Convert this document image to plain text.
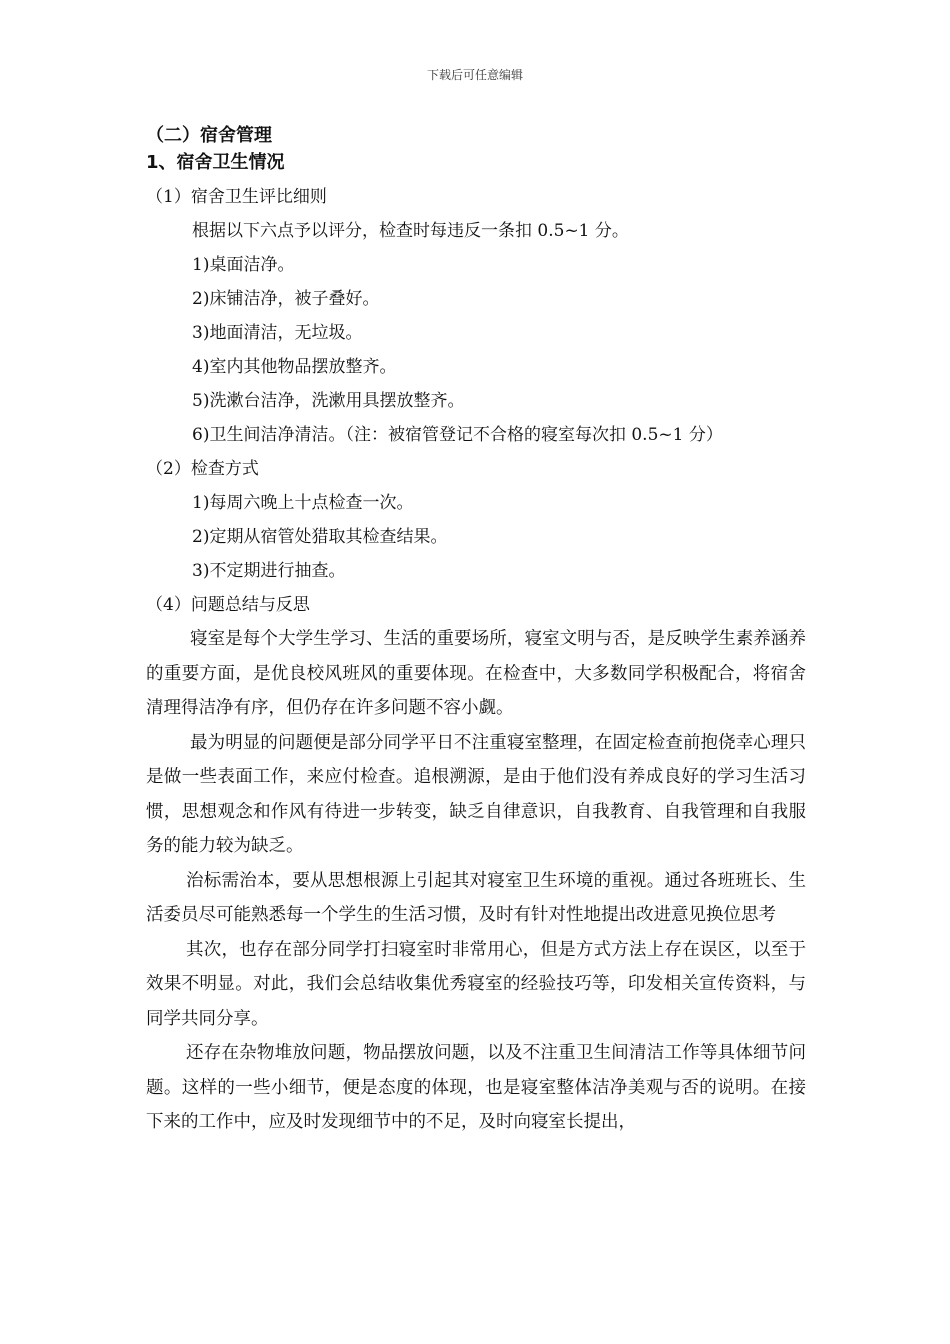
下载后可任意编辑

（二）宿舍管理

1、宿舍卫生情况

（1）宿舍卫生评比细则

根据以下六点予以评分，检查时每违反一条扣 0.5~1 分。

1)桌面洁净。

2)床铺洁净，被子叠好。

3)地面清洁，无垃圾。

4)室内其他物品摆放整齐。

5)洗漱台洁净，洗漱用具摆放整齐。

6)卫生间洁净清洁。（注：被宿管登记不合格的寝室每次扣 0.5~1 分）

（2）检查方式

1)每周六晚上十点检查一次。

2)定期从宿管处猎取其检查结果。

3)不定期进行抽查。

（4）问题总结与反思

寝室是每个大学生学习、生活的重要场所，寝室文明与否，是反映学生素养涵养的重要方面，是优良校风班风的重要体现。在检查中，大多数同学积极配合，将宿舍清理得洁净有序，但仍存在许多问题不容小觑。

最为明显的问题便是部分同学平日不注重寝室整理，在固定检查前抱侥幸心理只是做一些表面工作，来应付检查。追根溯源，是由于他们没有养成良好的学习生活习惯，思想观念和作风有待进一步转变，缺乏自律意识，自我教育、自我管理和自我服务的能力较为缺乏。

治标需治本，要从思想根源上引起其对寝室卫生环境的重视。通过各班班长、生活委员尽可能熟悉每一个学生的生活习惯，及时有针对性地提出改进意见换位思考

其次，也存在部分同学打扫寝室时非常用心，但是方式方法上存在误区，以至于效果不明显。对此，我们会总结收集优秀寝室的经验技巧等，印发相关宣传资料，与同学共同分享。

还存在杂物堆放问题，物品摆放问题，以及不注重卫生间清洁工作等具体细节问题。这样的一些小细节，便是态度的体现，也是寝室整体洁净美观与否的说明。在接下来的工作中，应及时发现细节中的不足，及时向寝室长提出，
